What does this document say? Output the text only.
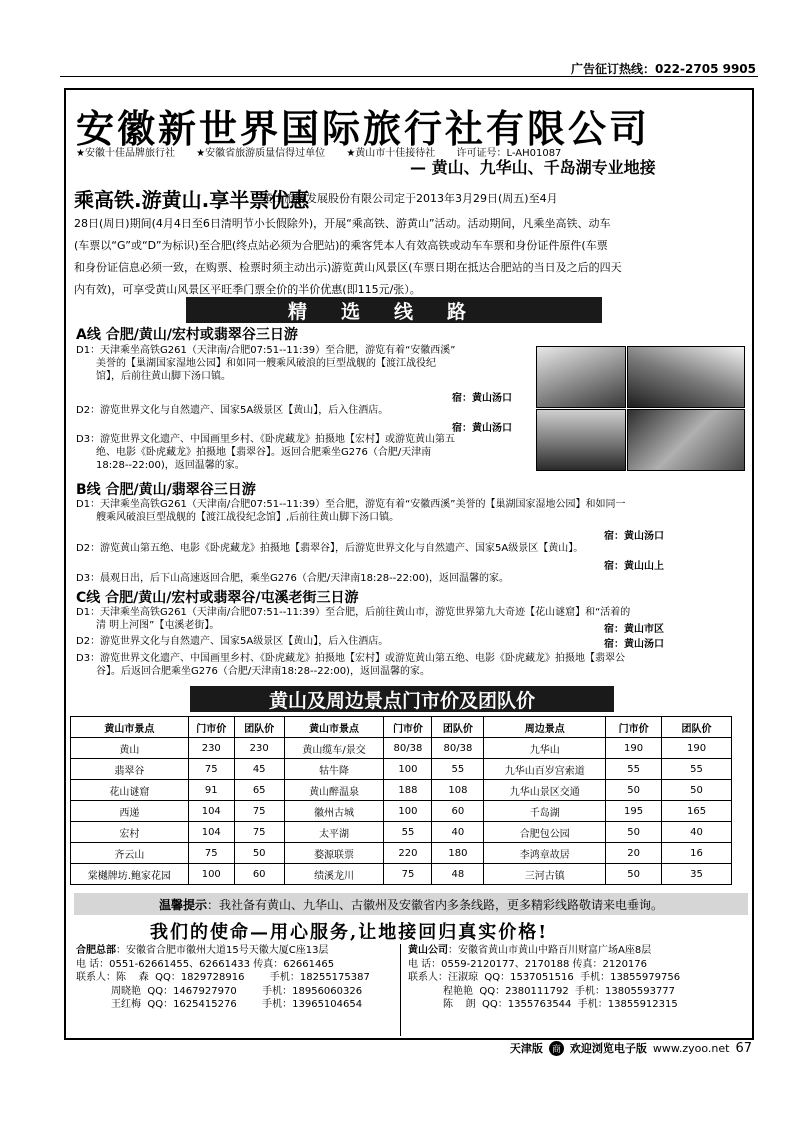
广告征订热线：022-2705 9905
安徽新世界国际旅行社有限公司
★安徽十佳品牌旅行社 ★安徽省旅游质量信得过单位 ★黄山市十佳接待社 许可证号：L-AH01087
— 黄山、九华山、千岛湖专业地接
乘高铁.游黄山.享半票优惠
黄山旅游发展股份有限公司定于2013年3月29日(周五)至4月
28日(周日)期间(4月4日至6日清明节小长假除外)，开展“乘高铁、游黄山”活动。活动期间，凡乘坐高铁、动车
(车票以“G”或“D”为标识)至合肥(终点站必须为合肥站)的乘客凭本人有效高铁或动车车票和身份证件原件(车票
和身份证信息必须一致，在购票、检票时须主动出示)游览黄山风景区(车票日期在抵达合肥站的当日及之后的四天
内有效)，可享受黄山风景区平旺季门票全价的半价优惠(即115元/张）。
精选线路
A线 合肥/黄山/宏村或翡翠谷三日游
D1：天津乘坐高铁G261（天津南/合肥07:51--11:39）至合肥，游览有着“安徽西溪”
美誉的【巢湖国家湿地公园】和如同一艘乘风破浪的巨型战舰的【渡江战役纪
馆】，后前往黄山脚下汤口镇。
宿：黄山汤口
D2：游览世界文化与自然遗产、国家5A级景区【黄山】，后入住酒店。
宿：黄山汤口
D3：游览世界文化遗产、中国画里乡村、《卧虎藏龙》拍摄地【宏村】或游览黄山第五
绝、电影《卧虎藏龙》拍摄地【翡翠谷】。返回合肥乘坐G276（合肥/天津南
18:28--22:00)，返回温馨的家。
B线 合肥/黄山/翡翠谷三日游
D1：天津乘坐高铁G261（天津南/合肥07:51--11:39）至合肥，游览有着“安徽西溪”美誉的【巢湖国家湿地公园】和如同一
艘乘风破浪巨型战舰的【渡江战役纪念馆】,后前往黄山脚下汤口镇。
宿：黄山汤口
D2：游览黄山第五绝、电影《卧虎藏龙》拍摄地【翡翠谷】，后游览世界文化与自然遗产、国家5A级景区【黄山】。
宿：黄山山上
D3：晨观日出，后下山高速返回合肥，乘坐G276（合肥/天津南18:28--22:00)，返回温馨的家。
C线 合肥/黄山/宏村或翡翠谷/屯溪老街三日游
D1：天津乘坐高铁G261（天津南/合肥07:51--11:39）至合肥，后前往黄山市，游览世界第九大奇迹【花山谜窟】和“活着的
清 明上河图”【屯溪老街】。	宿：黄山市区
D2：游览世界文化与自然遗产、国家5A级景区【黄山】，后入住酒店。	宿：黄山汤口
D3：游览世界文化遗产、中国画里乡村、《卧虎藏龙》拍摄地【宏村】或游览黄山第五绝、电影《卧虎藏龙》拍摄地【翡翠公
谷】。后返回合肥乘坐G276（合肥/天津南18:28--22:00)，返回温馨的家。
黄山及周边景点门市价及团队价
黄山市景点	门市价	团队价	黄山市景点	门市价	团队价	周边景点	门市价	团队价
黄山	230	230	黄山缆车/景交	80/38	80/38	九华山	190	190
翡翠谷	75	45	牯牛降	100	55	九华山百岁宫索道	55	55
花山谜窟	91	65	黄山醉温泉	188	108	九华山景区交通	50	50
西递	104	75	徽州古城	100	60	千岛湖	195	165
宏村	104	75	太平湖	55	40	合肥包公园	50	40
齐云山	75	50	婺源联票	220	180	李鸿章故居	20	16
棠樾牌坊.鲍家花园	100	60	绩溪龙川	75	48	三河古镇	50	35
温馨提示 ：我社备有黄山、九华山、古徽州及安徽省内多条线路，更多精彩线路敬请来电垂询。
我们的使命—用心服务,让地接回归真实价格!
合肥总部：安徽省合肥市徽州大道15号天徽大厦C座13层
电 话：0551-62661455、62661433 传真：62661465
联系人：陈    森  QQ：1829728916        手机：18255175387
周晓艳  QQ：1467927970        手机：18956060326
王红梅  QQ：1625415276        手机：13965104654
黄山公司：安徽省黄山市黄山中路百川财富广场A座8层
电 话：0559-2120177、2170188 传真：2120176
联系人：汪淑琼  QQ：1537051516  手机：13855979756
程艳艳  QQ：2380111792  手机：13805593777
陈    朗  QQ：1355763544  手机：13855912315
天津版 商 欢迎浏览电子版 www.zyoo.net 67
